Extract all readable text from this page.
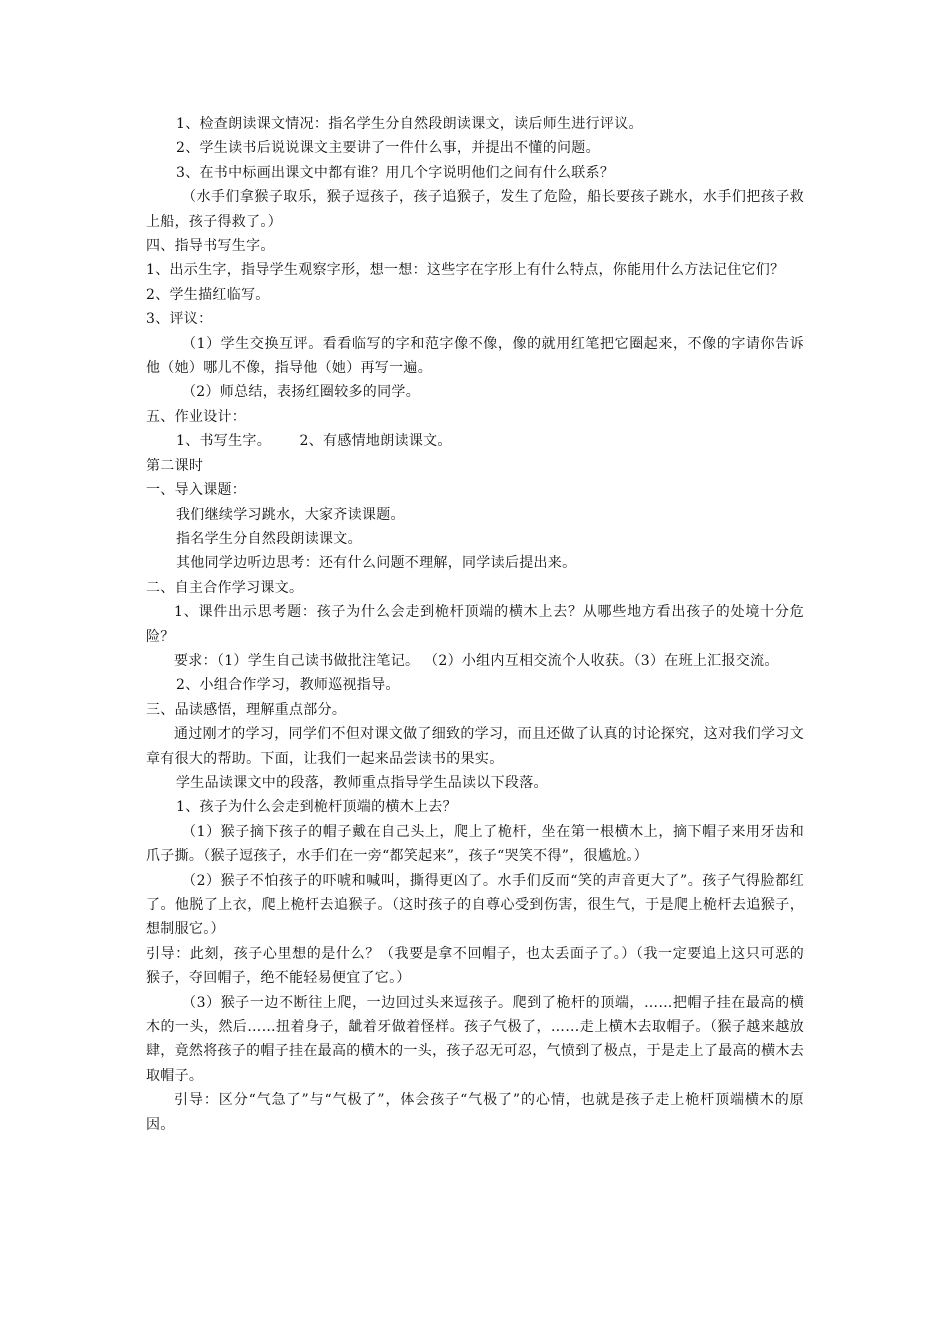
1、检查朗读课文情况：指名学生分自然段朗读课文，读后师生进行评议。

2、学生读书后说说课文主要讲了一件什么事，并提出不懂的问题。

3、在书中标画出课文中都有谁？用几个字说明他们之间有什么联系？

（水手们拿猴子取乐，猴子逗孩子，孩子追猴子，发生了危险，船长要孩子跳水，水手们把孩子救上船，孩子得救了。）

四、指导书写生字。

1、出示生字，指导学生观察字形，想一想：这些字在字形上有什么特点，你能用什么方法记住它们？

2、学生描红临写。

3、评议：

（1）学生交换互评。看看临写的字和范字像不像，像的就用红笔把它圈起来，不像的字请你告诉他（她）哪儿不像，指导他（她）再写一遍。

（2）师总结，表扬红圈较多的同学。

五、作业设计：

1、书写生字。      2、有感情地朗读课文。

第二课时

一、导入课题：

我们继续学习跳水，大家齐读课题。

指名学生分自然段朗读课文。

其他同学边听边思考：还有什么问题不理解，同学读后提出来。

二、自主合作学习课文。

1、课件出示思考题：孩子为什么会走到桅杆顶端的横木上去？从哪些地方看出孩子的处境十分危险？

要求：（1）学生自己读书做批注笔记。 （2）小组内互相交流个人收获。（3）在班上汇报交流。

2、小组合作学习，教师巡视指导。

三、品读感悟，理解重点部分。

通过刚才的学习，同学们不但对课文做了细致的学习，而且还做了认真的讨论探究，这对我们学习文章有很大的帮助。下面，让我们一起来品尝读书的果实。

学生品读课文中的段落，教师重点指导学生品读以下段落。

1、孩子为什么会走到桅杆顶端的横木上去？

（1）猴子摘下孩子的帽子戴在自己头上，爬上了桅杆，坐在第一根横木上，摘下帽子来用牙齿和爪子撕。（猴子逗孩子，水手们在一旁“都笑起来”，孩子“哭笑不得”，很尴尬。）

（2）猴子不怕孩子的吓唬和喊叫，撕得更凶了。水手们反而“笑的声音更大了”。孩子气得脸都红了。他脱了上衣，爬上桅杆去追猴子。（这时孩子的自尊心受到伤害，很生气，于是爬上桅杆去追猴子，想制服它。）

引导：此刻，孩子心里想的是什么？（我要是拿不回帽子，也太丢面子了。）（我一定要追上这只可恶的猴子，夺回帽子，绝不能轻易便宜了它。）

（3）猴子一边不断往上爬，一边回过头来逗孩子。爬到了桅杆的顶端，……把帽子挂在最高的横木的一头，然后……扭着身子，龇着牙做着怪样。孩子气极了，……走上横木去取帽子。（猴子越来越放肆，竟然将孩子的帽子挂在最高的横木的一头，孩子忍无可忍，气愤到了极点，于是走上了最高的横木去取帽子。

引导：区分“气急了”与“气极了”，体会孩子“气极了”的心情，也就是孩子走上桅杆顶端横木的原因。
